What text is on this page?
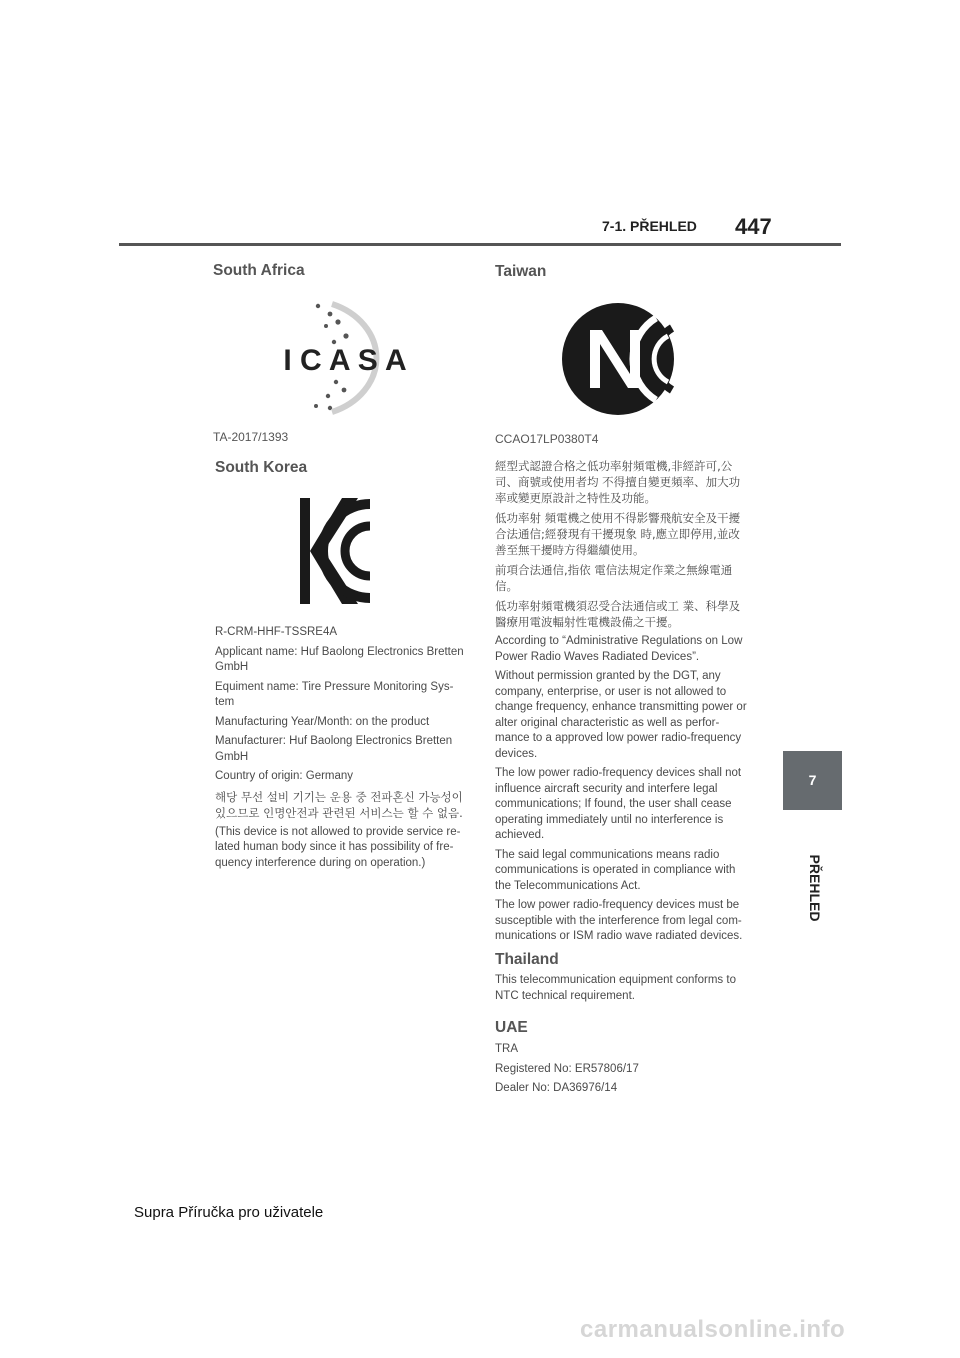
7-1. PŘEHLED 447
7
PŘEHLED
South Africa
I C A S A
TA-2017/1393
South Korea

R-CRM-HHF-TSSRE4A

Applicant name: Huf Baolong Electronics Bretten GmbH

Equiment name: Tire Pressure Monitoring Sys-tem

Manufacturing Year/Month: on the product

Manufacturer: Huf Baolong Electronics Bretten GmbH

Country of origin: Germany

해당 무선 설비 기기는 운용 중 전파혼신 가능성이 있으므로 인명안전과 관련된 서비스는 할 수 없음.

(This device is not allowed to provide service re-lated human body since it has possibility of fre-quency interference during on operation.)

Taiwan
CCAO17LP0380T4

經型式認證合格之低功率射頻電機,非經許可,公司、商號或使用者均 不得擅自變更頻率、加大功率或變更原設計之特性及功能。

低功率射 頻電機之使用不得影響飛航安全及干擾合法通信;經發現有干擾現象 時,應立即停用,並改善至無干擾時方得繼續使用。

前項合法通信,指依 電信法規定作業之無線電通信。

低功率射頻電機須忍受合法通信或工 業、科學及醫療用電波輻射性電機設備之干擾。

According to “Administrative Regulations on Low Power Radio Waves Radiated Devices”.

Without permission granted by the DGT, any company, enterprise, or user is not allowed to change frequency, enhance transmitting power or alter original characteristic as well as perfor-mance to a approved low power radio-frequency devices.

The low power radio-frequency devices shall not influence aircraft security and interfere legal communications; If found, the user shall cease operating immediately until no interference is achieved.

The said legal communications means radio communications is operated in compliance with the Telecommunications Act.

The low power radio-frequency devices must be susceptible with the interference from legal com-munications or ISM radio wave radiated devices.

Thailand

This telecommunication equipment conforms to NTC technical requirement.

UAE

TRA

Registered No: ER57806/17

Dealer No: DA36976/14

Supra Příručka pro uživatele
carmanualsonline.info
